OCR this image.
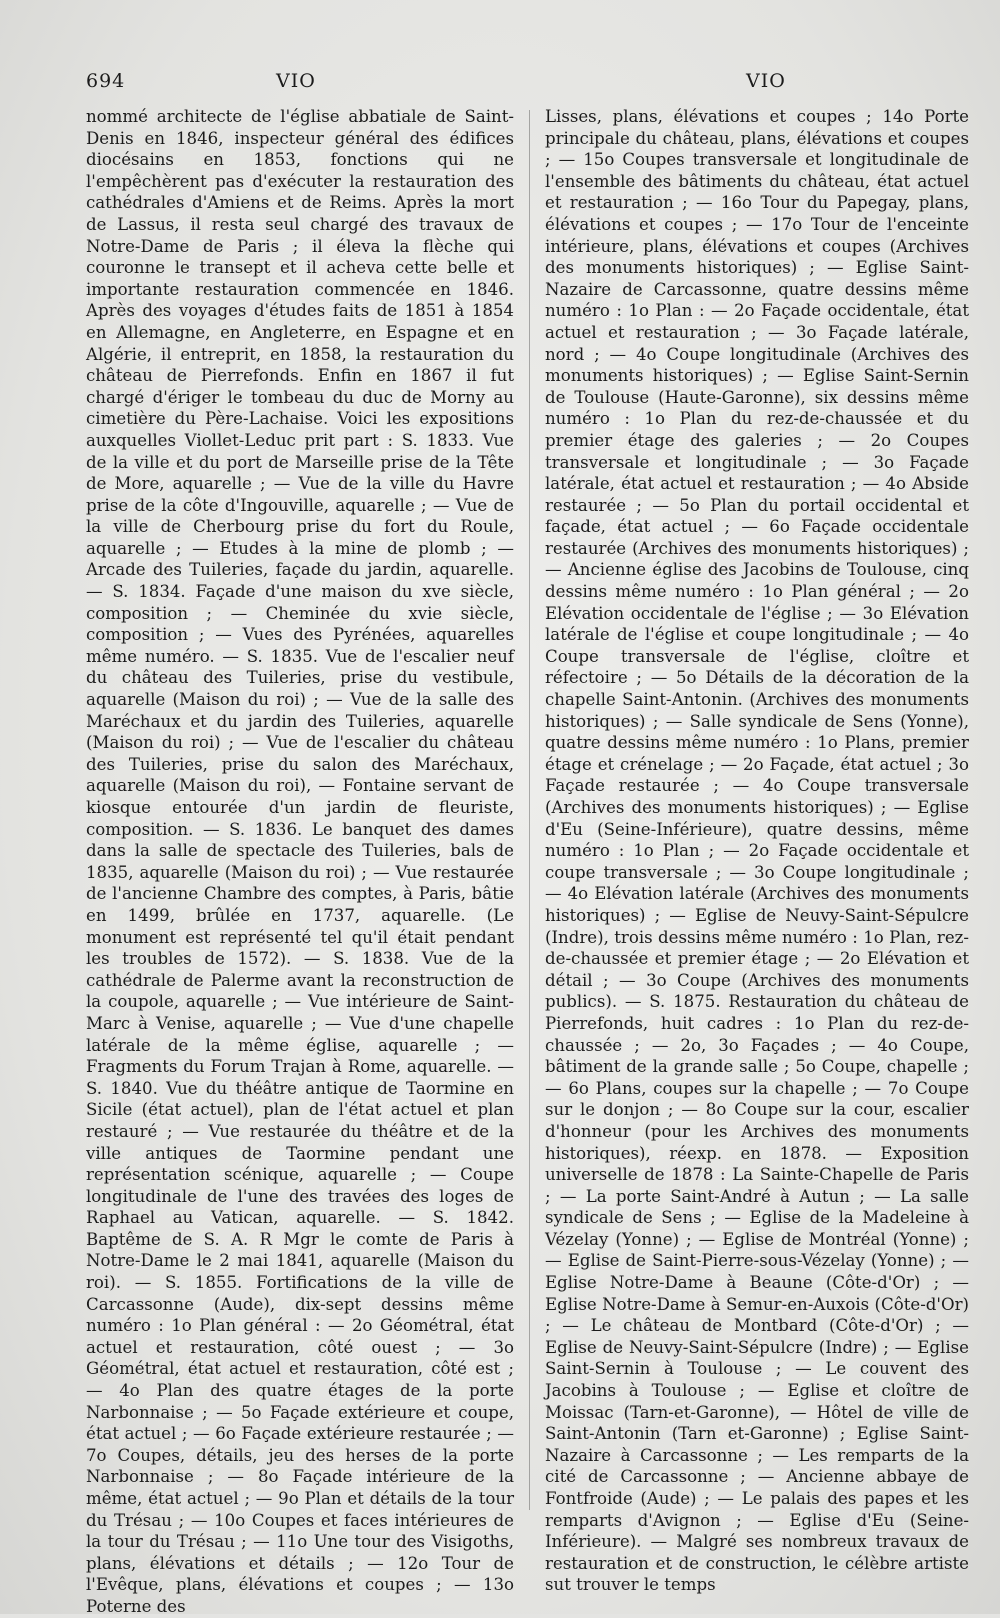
694	VIO	VIO

nommé architecte de l'église abbatiale de Saint-Denis en 1846, inspecteur général des édifices diocésains en 1853, fonctions qui ne l'empêchèrent pas d'exécuter la restauration des cathédrales d'Amiens et de Reims. Après la mort de Lassus, il resta seul chargé des travaux de Notre-Dame de Paris ; il éleva la flèche qui couronne le transept et il acheva cette belle et importante restauration commencée en 1846. Après des voyages d'études faits de 1851 à 1854 en Allemagne, en Angleterre, en Espagne et en Algérie, il entreprit, en 1858, la restauration du château de Pierrefonds. Enfin en 1867 il fut chargé d'ériger le tombeau du duc de Morny au cimetière du Père-Lachaise. Voici les expositions auxquelles Viollet-Leduc prit part : S. 1833. Vue de la ville et du port de Marseille prise de la Tête de More, aquarelle ; — Vue de la ville du Havre prise de la côte d'Ingouville, aquarelle ; — Vue de la ville de Cherbourg prise du fort du Roule, aquarelle ; — Etudes à la mine de plomb ; — Arcade des Tuileries, façade du jardin, aquarelle. — S. 1834. Façade d'une maison du xve siècle, composition ; — Cheminée du xvie siècle, composition ; — Vues des Pyrénées, aquarelles même numéro. — S. 1835. Vue de l'escalier neuf du château des Tuileries, prise du vestibule, aquarelle (Maison du roi) ; — Vue de la salle des Maréchaux et du jardin des Tuileries, aquarelle (Maison du roi) ; — Vue de l'escalier du château des Tuileries, prise du salon des Maréchaux, aquarelle (Maison du roi), — Fontaine servant de kiosque entourée d'un jardin de fleuriste, composition. — S. 1836. Le banquet des dames dans la salle de spectacle des Tuileries, bals de 1835, aquarelle (Maison du roi) ; — Vue restaurée de l'ancienne Chambre des comptes, à Paris, bâtie en 1499, brûlée en 1737, aquarelle. (Le monument est représenté tel qu'il était pendant les troubles de 1572). — S. 1838. Vue de la cathédrale de Palerme avant la reconstruction de la coupole, aquarelle ; — Vue intérieure de Saint-Marc à Venise, aquarelle ; — Vue d'une chapelle latérale de la même église, aquarelle ; — Fragments du Forum Trajan à Rome, aquarelle. — S. 1840. Vue du théâtre antique de Taormine en Sicile (état actuel), plan de l'état actuel et plan restauré ; — Vue restaurée du théâtre et de la ville antiques de Taormine pendant une représentation scénique, aquarelle ; — Coupe longitudinale de l'une des travées des loges de Raphael au Vatican, aquarelle. — S. 1842. Baptême de S. A. R Mgr le comte de Paris à Notre-Dame le 2 mai 1841, aquarelle (Maison du roi). — S. 1855. Fortifications de la ville de Carcassonne (Aude), dix-sept dessins même numéro : 1o Plan général : — 2o Géométral, état actuel et restauration, côté ouest ; — 3o Géométral, état actuel et restauration, côté est ; — 4o Plan des quatre étages de la porte Narbonnaise ; — 5o Façade extérieure et coupe, état actuel ; — 6o Façade extérieure restaurée ; — 7o Coupes, détails, jeu des herses de la porte Narbonnaise ; — 8o Façade intérieure de la même, état actuel ; — 9o Plan et détails de la tour du Trésau ; — 10o Coupes et faces intérieures de la tour du Trésau ; — 11o Une tour des Visigoths, plans, élévations et détails ; — 12o Tour de l'Evêque, plans, élévations et coupes ; — 13o Poterne des

Lisses, plans, élévations et coupes ; 14o Porte principale du château, plans, élévations et coupes ; — 15o Coupes transversale et longitudinale de l'ensemble des bâtiments du château, état actuel et restauration ; — 16o Tour du Papegay, plans, élévations et coupes ; — 17o Tour de l'enceinte intérieure, plans, élévations et coupes (Archives des monuments historiques) ; — Eglise Saint-Nazaire de Carcassonne, quatre dessins même numéro : 1o Plan : — 2o Façade occidentale, état actuel et restauration ; — 3o Façade latérale, nord ; — 4o Coupe longitudinale (Archives des monuments historiques) ; — Eglise Saint-Sernin de Toulouse (Haute-Garonne), six dessins même numéro : 1o Plan du rez-de-chaussée et du premier étage des galeries ; — 2o Coupes transversale et longitudinale ; — 3o Façade latérale, état actuel et restauration ; — 4o Abside restaurée ; — 5o Plan du portail occidental et façade, état actuel ; — 6o Façade occidentale restaurée (Archives des monuments historiques) ; — Ancienne église des Jacobins de Toulouse, cinq dessins même numéro : 1o Plan général ; — 2o Elévation occidentale de l'église ; — 3o Elévation latérale de l'église et coupe longitudinale ; — 4o Coupe transversale de l'église, cloître et réfectoire ; — 5o Détails de la décoration de la chapelle Saint-Antonin. (Archives des monuments historiques) ; — Salle syndicale de Sens (Yonne), quatre dessins même numéro : 1o Plans, premier étage et crénelage ; — 2o Façade, état actuel ; 3o Façade restaurée ; — 4o Coupe transversale (Archives des monuments historiques) ; — Eglise d'Eu (Seine-Inférieure), quatre dessins, même numéro : 1o Plan ; — 2o Façade occidentale et coupe transversale ; — 3o Coupe longitudinale ; — 4o Elévation latérale (Archives des monuments historiques) ; — Eglise de Neuvy-Saint-Sépulcre (Indre), trois dessins même numéro : 1o Plan, rez-de-chaussée et premier étage ; — 2o Elévation et détail ; — 3o Coupe (Archives des monuments publics). — S. 1875. Restauration du château de Pierrefonds, huit cadres : 1o Plan du rez-de-chaussée ; — 2o, 3o Façades ; — 4o Coupe, bâtiment de la grande salle ; 5o Coupe, chapelle ; — 6o Plans, coupes sur la chapelle ; — 7o Coupe sur le donjon ; — 8o Coupe sur la cour, escalier d'honneur (pour les Archives des monuments historiques), réexp. en 1878. — Exposition universelle de 1878 : La Sainte-Chapelle de Paris ; — La porte Saint-André à Autun ; — La salle syndicale de Sens ; — Eglise de la Madeleine à Vézelay (Yonne) ; — Eglise de Montréal (Yonne) ; — Eglise de Saint-Pierre-sous-Vézelay (Yonne) ; — Eglise Notre-Dame à Beaune (Côte-d'Or) ; — Eglise Notre-Dame à Semur-en-Auxois (Côte-d'Or) ; — Le château de Montbard (Côte-d'Or) ; — Eglise de Neuvy-Saint-Sépulcre (Indre) ; — Eglise Saint-Sernin à Toulouse ; — Le couvent des Jacobins à Toulouse ; — Eglise et cloître de Moissac (Tarn-et-Garonne), — Hôtel de ville de Saint-Antonin (Tarn et-Garonne) ; Eglise Saint-Nazaire à Carcassonne ; — Les remparts de la cité de Carcassonne ; — Ancienne abbaye de Fontfroide (Aude) ; — Le palais des papes et les remparts d'Avignon ; — Eglise d'Eu (Seine-Inférieure). — Malgré ses nombreux travaux de restauration et de construction, le célèbre artiste sut trouver le temps
